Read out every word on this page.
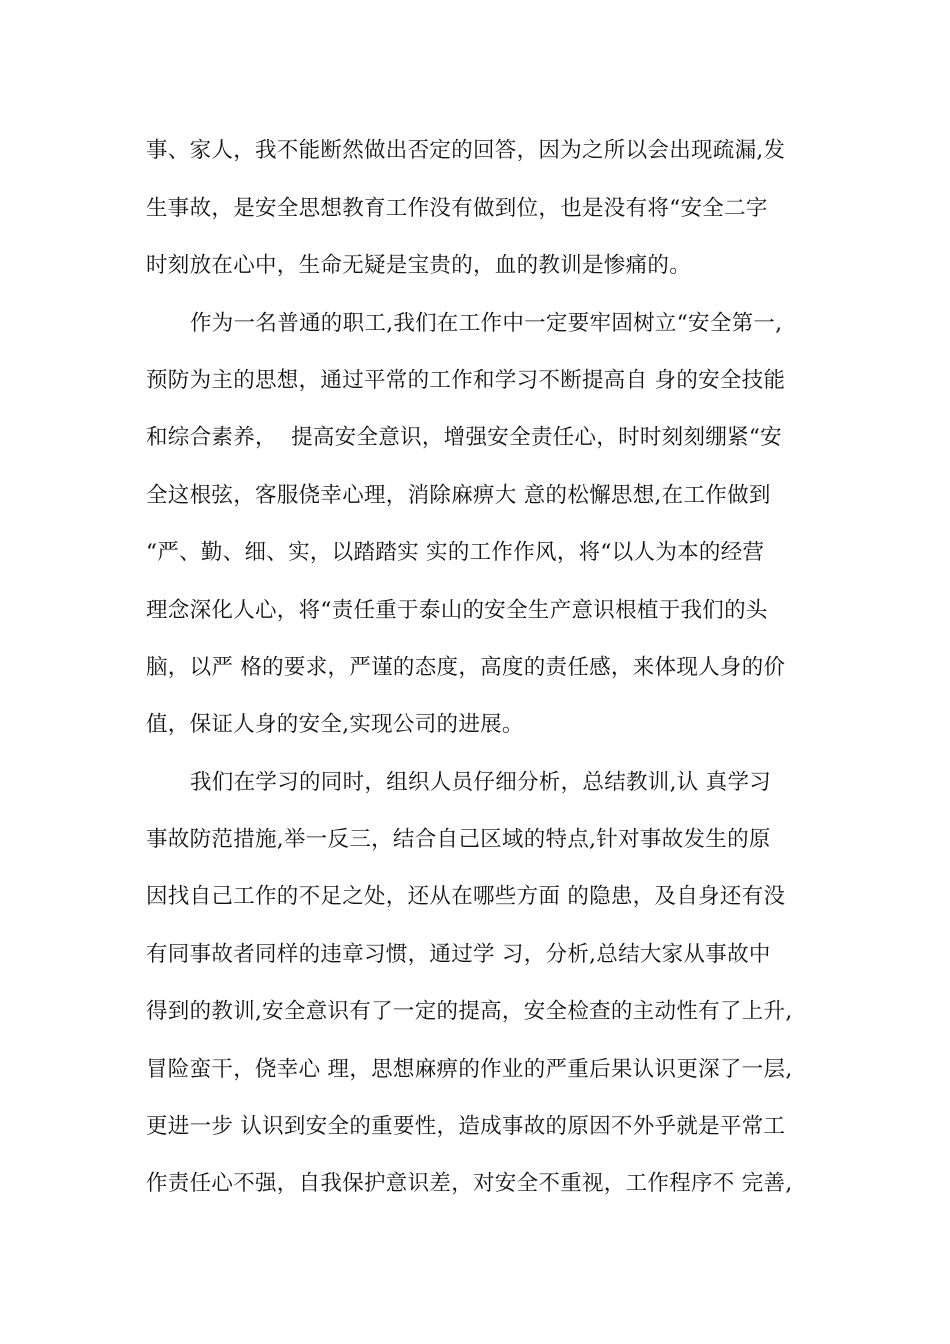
事、家人，我不能断然做出否定的回答，因为之所以会出现疏漏,发
生事故，是安全思想教育工作没有做到位，也是没有将“安全二字
时刻放在心中，生命无疑是宝贵的，血的教训是惨痛的。
作为一名普通的职工,我们在工作中一定要牢固树立“安全第一,
预防为主的思想，通过平常的工作和学习不断提高自 身的安全技能
和综合素养，  提高安全意识，增强安全责任心，时时刻刻绷紧“安
全这根弦，客服侥幸心理，消除麻痹大 意的松懈思想,在工作做到
“严、勤、细、实，以踏踏实 实的工作作风，将“以人为本的经营
理念深化人心，将“责任重于泰山的安全生产意识根植于我们的头
脑，以严 格的要求，严谨的态度，高度的责任感，来体现人身的价
值，保证人身的安全,实现公司的进展。
我们在学习的同时，组织人员仔细分析，总结教训,认 真学习
事故防范措施,举一反三，结合自己区域的特点,针对事故发生的原
因找自己工作的不足之处，还从在哪些方面 的隐患，及自身还有没
有同事故者同样的违章习惯，通过学 习，分析,总结大家从事故中
得到的教训,安全意识有了一定的提高，安全检查的主动性有了上升,
冒险蛮干，侥幸心 理，思想麻痹的作业的严重后果认识更深了一层,
更进一步 认识到安全的重要性，造成事故的原因不外乎就是平常工
作责任心不强，自我保护意识差，对安全不重视，工作程序不 完善,
